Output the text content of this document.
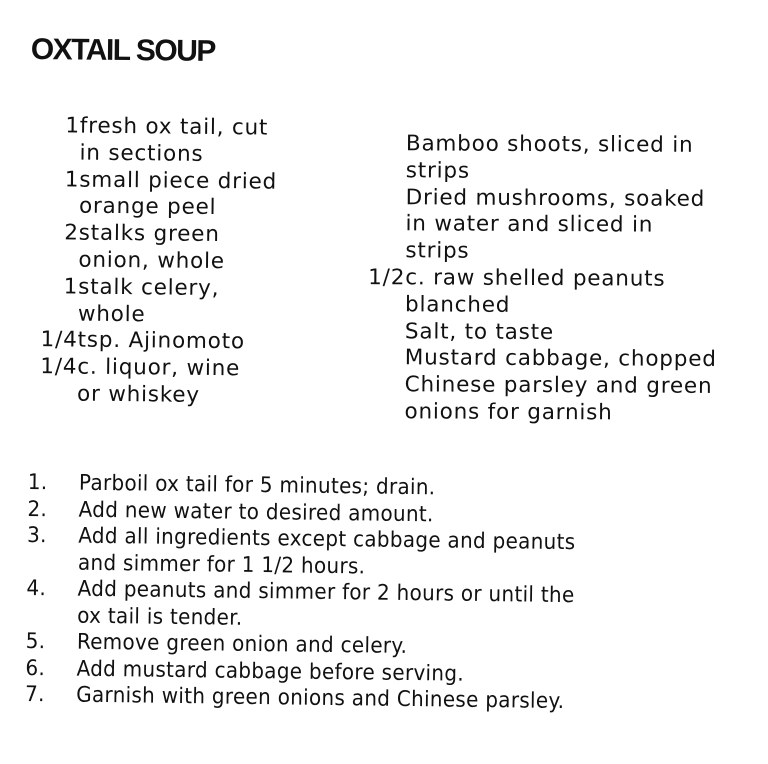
OXTAIL SOUP
1 fresh ox tail, cut
in sections
1 small piece dried
orange peel
2 stalks green
onion, whole
1 stalk celery,
whole
1/4 tsp. Ajinomoto
1/4 c. liquor, wine
or whiskey
Bamboo shoots, sliced in
strips
Dried mushrooms, soaked
in water and sliced in
strips
1/2 c. raw shelled peanuts
blanched
Salt, to taste
Mustard cabbage, chopped
Chinese parsley and green
onions for garnish
1.	Parboil ox tail for 5 minutes; drain.
2.	Add new water to desired amount.
3.	Add all ingredients except cabbage and peanuts
and simmer for 1 1/2 hours.
4.	Add peanuts and simmer for 2 hours or until the
ox tail is tender.
5.	Remove green onion and celery.
6.	Add mustard cabbage before serving.
7.	Garnish with green onions and Chinese parsley.
